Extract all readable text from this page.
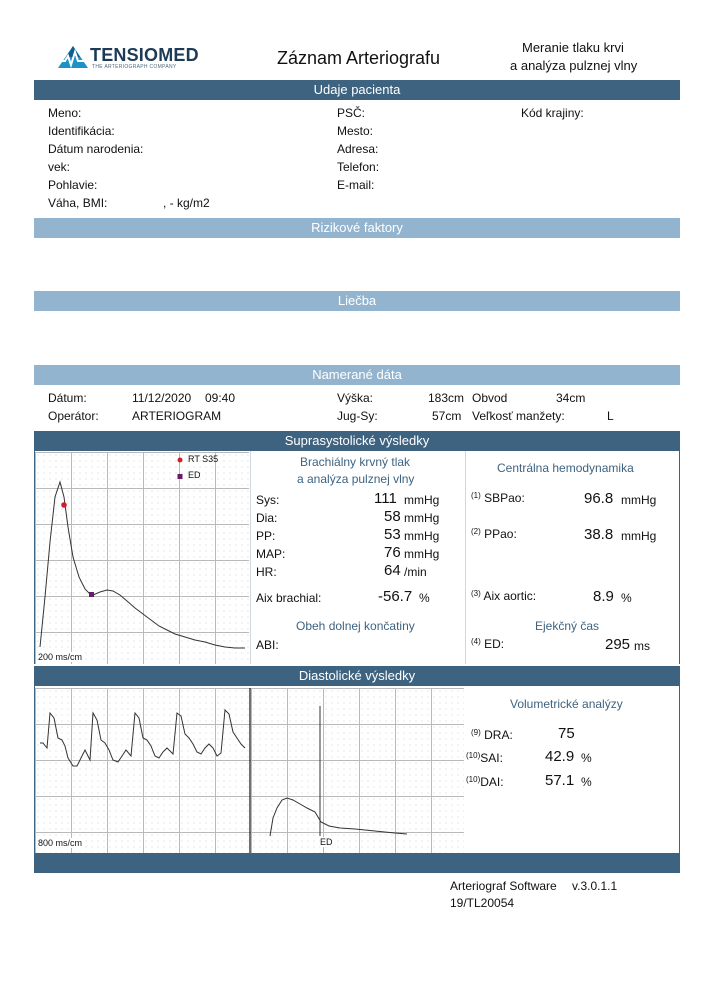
TENSIOMED
THE ARTERIOGRAPH COMPANY	Záznam Arteriografu
Meranie tlaku krvi
a analýza pulznej vlny
Udaje pacienta
Meno:
Identifikácia:
Dátum narodenia:
vek:
Pohlavie:
Váha, BMI:	, - kg/m2
PSČ:
Mesto:
Adresa:
Telefon:
E-mail:
Kód krajiny:
Rizikové faktory
Liečba
Namerané dáta
Dátum:	11/12/2020 09:40
Operátor:	ARTERIOGRAM
Výška:	183cm
Jug-Sy:	57cm
Obvod	34cm
Veľkosť manžety:	L
Suprasystolické výsledky
RT S35
ED
200 ms/cm
Brachiálny krvný tlak
a analýza pulznej vlny
Sys:	111 mmHg
Dia:	58 mmHg
PP:	53 mmHg
MAP:	76 mmHg
HR:	64 /min
Aix brachial:	-56.7 %
Obeh dolnej končatiny
ABI:
Centrálna hemodynamika
$^{(1)}$ SBPao:	96.8 mmHg
$^{(2)}$ PPao:	38.8 mmHg
$^{(3)}$ Aix aortic:	8.9 %
Ejekčný čas
$^{(4)}$ ED:	295 ms
Diastolické výsledky
ED
800 ms/cm
Volumetrické analýzy
$^{(9)}$ DRA:	75
$^{(10)}$SAI:	42.9 %
$^{(10)}$DAI:	57.1 %
Arteriograf Software v.3.0.1.1
19/TL20054
